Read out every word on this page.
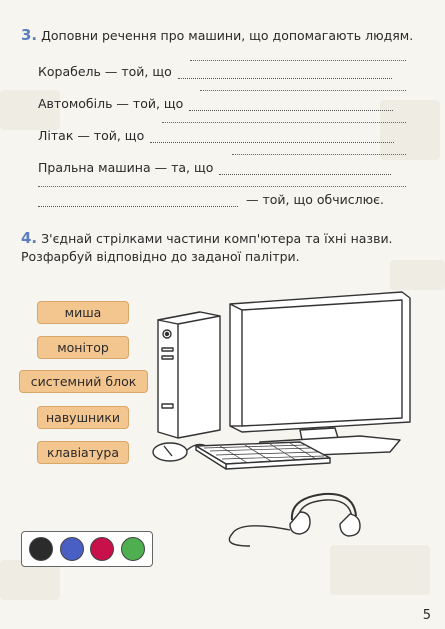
3. Доповни речення про машини, що допомагають людям.
Корабель — той, що
Автомобіль — той, що
Літак — той, що
Пральна машина — та, що
— той, що обчислює.
4. З'єднай стрілками частини комп'ютера та їхні назви.
Розфарбуй відповідно до заданої палітри.
миша
монітор
системний блок
навушники
клавіатура
5
